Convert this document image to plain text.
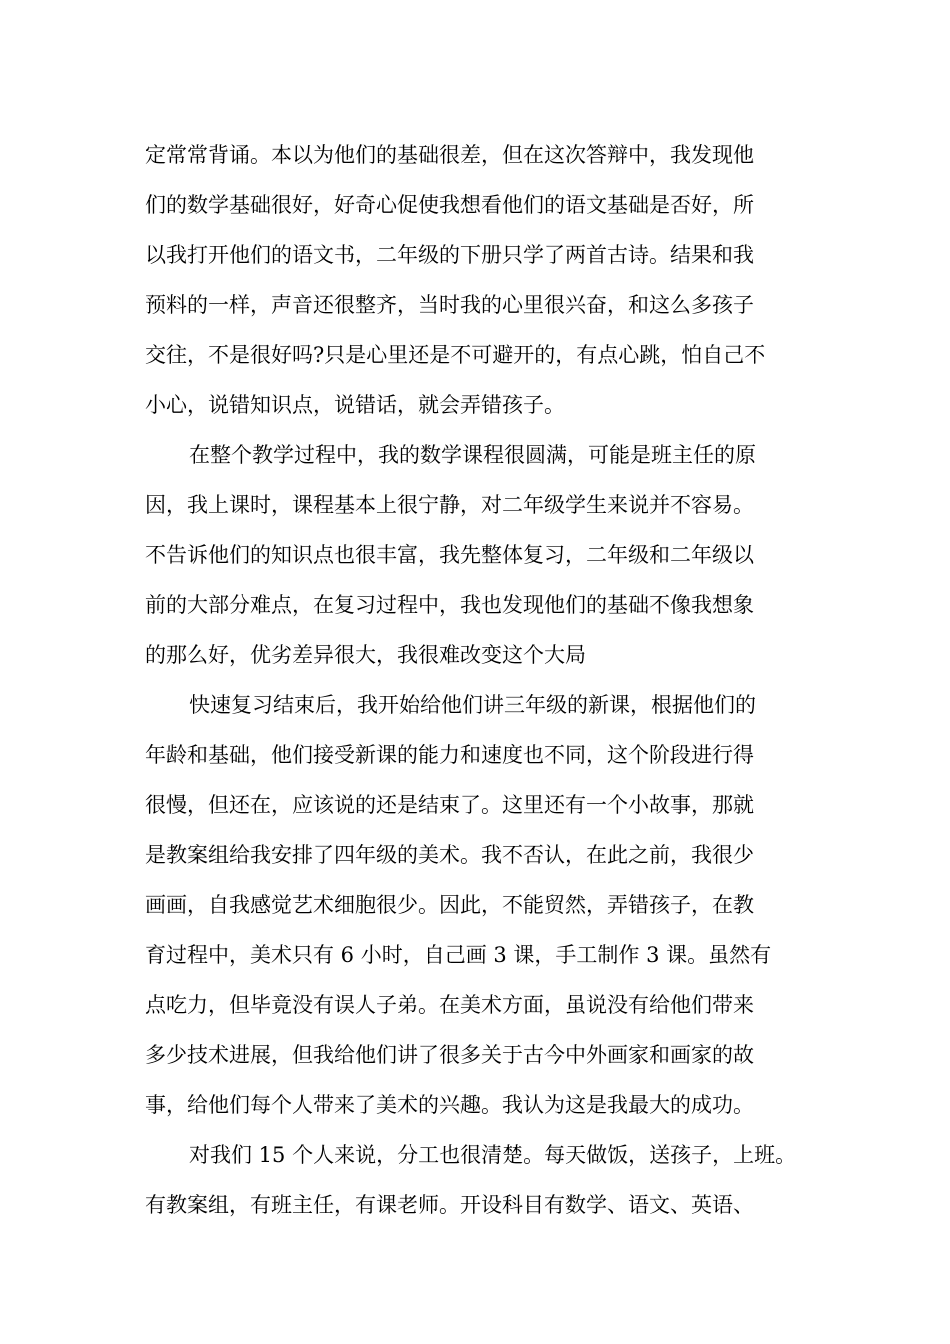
定常常背诵。本以为他们的基础很差，但在这次答辩中，我发现他
们的数学基础很好，好奇心促使我想看他们的语文基础是否好，所
以我打开他们的语文书，二年级的下册只学了两首古诗。结果和我
预料的一样，声音还很整齐，当时我的心里很兴奋，和这么多孩子
交往，不是很好吗?只是心里还是不可避开的，有点心跳，怕自己不
小心，说错知识点，说错话，就会弄错孩子。
在整个教学过程中，我的数学课程很圆满，可能是班主任的原
因，我上课时，课程基本上很宁静，对二年级学生来说并不容易。
不告诉他们的知识点也很丰富，我先整体复习，二年级和二年级以
前的大部分难点，在复习过程中，我也发现他们的基础不像我想象
的那么好，优劣差异很大，我很难改变这个大局
快速复习结束后，我开始给他们讲三年级的新课，根据他们的
年龄和基础，他们接受新课的能力和速度也不同，这个阶段进行得
很慢，但还在，应该说的还是结束了。这里还有一个小故事，那就
是教案组给我安排了四年级的美术。我不否认，在此之前，我很少
画画，自我感觉艺术细胞很少。因此，不能贸然，弄错孩子，在教
育过程中，美术只有 6 小时，自己画 3 课，手工制作 3 课。虽然有
点吃力，但毕竟没有误人子弟。在美术方面，虽说没有给他们带来
多少技术进展，但我给他们讲了很多关于古今中外画家和画家的故
事，给他们每个人带来了美术的兴趣。我认为这是我最大的成功。
对我们 15 个人来说，分工也很清楚。每天做饭，送孩子，上班。
有教案组，有班主任，有课老师。开设科目有数学、语文、英语、
